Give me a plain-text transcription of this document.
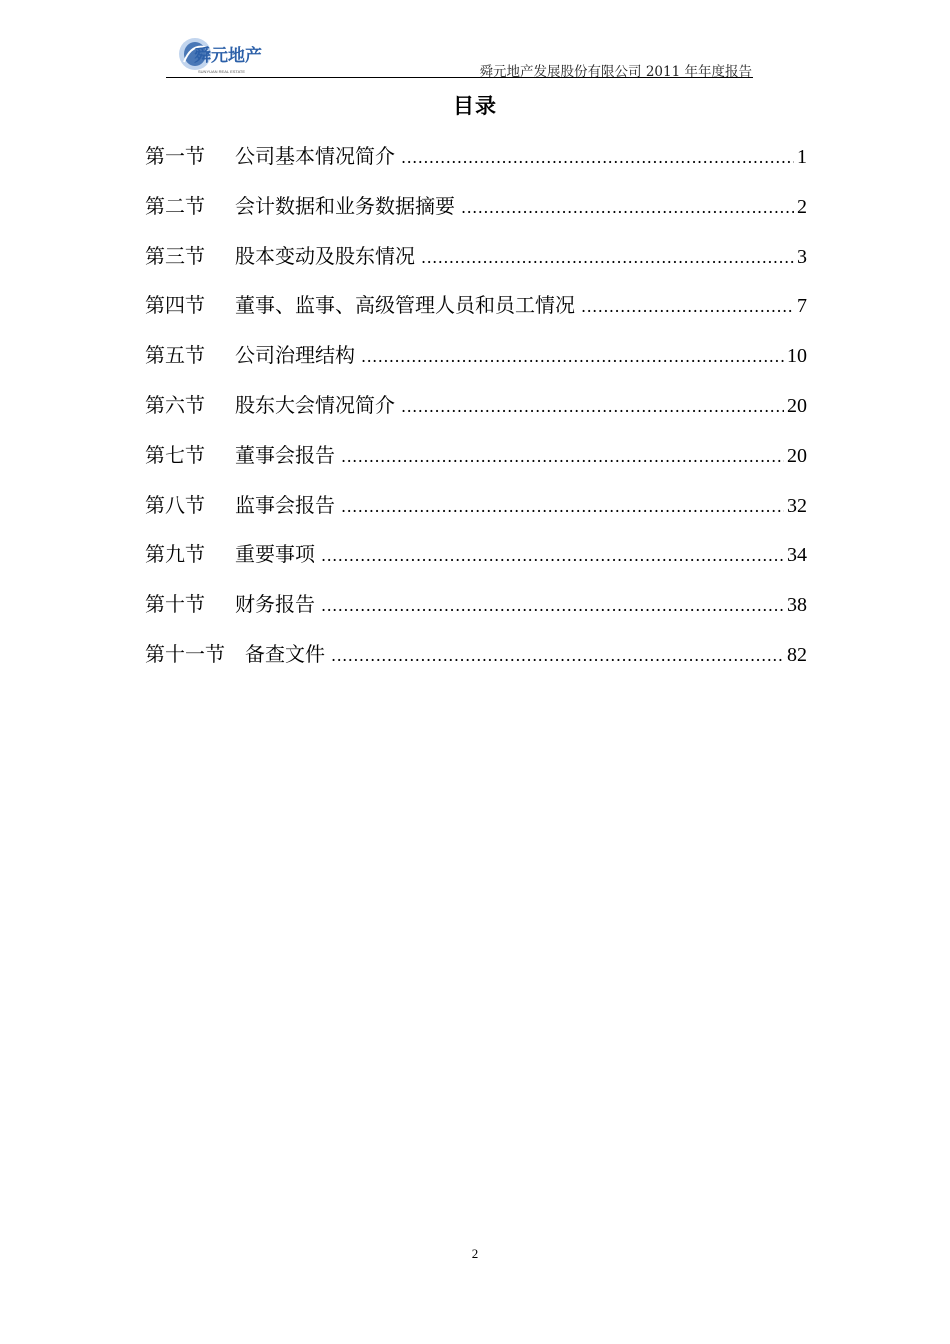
舜元地产
SUNYUAN REAL ESTATE	舜元地产发展股份有限公司 2011 年年度报告
目录
第一节	公司基本情况简介 .....	1
第二节	会计数据和业务数据摘要 .....	2
第三节	股本变动及股东情况 .....	3
第四节	董事、监事、高级管理人员和员工情况 .....	7
第五节	公司治理结构 .....	10
第六节	股东大会情况简介 .....	20
第七节	董事会报告 .....	20
第八节	监事会报告 .....	32
第九节	重要事项 .....	34
第十节	财务报告 .....	38
第十一节	备查文件 .....	82
2
